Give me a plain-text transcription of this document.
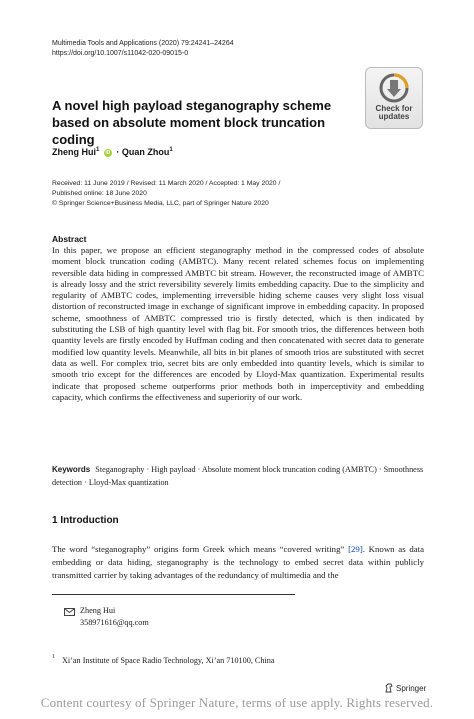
Multimedia Tools and Applications (2020) 79:24241–24264
https://doi.org/10.1007/s11042-020-09015-0
Check for
updates
A novel high payload steganography scheme based on absolute moment block truncation coding
Zheng Hui$^1$ iD · Quan Zhou$^1$
Received: 11 June 2019 / Revised: 11 March 2020 / Accepted: 1 May 2020 /
Published online: 18 June 2020
© Springer Science+Business Media, LLC, part of Springer Nature 2020
Abstract
In this paper, we propose an efficient steganography method in the compressed codes of absolute moment block truncation coding (AMBTC). Many recent related schemes focus on implementing reversible data hiding in compressed AMBTC bit stream. However, the reconstructed image of AMBTC is already lossy and the strict reversibility severely limits embedding capacity. Due to the simplicity and regularity of AMBTC codes, implementing irreversible hiding scheme causes very slight loss visual distortion of reconstructed image in exchange of significant improve in embedding capacity. In proposed scheme, smoothness of AMBTC compressed trio is firstly detected, which is then indicated by substituting the LSB of high quantity level with flag bit. For smooth trios, the differences between both quantity levels are firstly encoded by Huffman coding and then concatenated with secret data to generate modified low quantity levels. Meanwhile, all bits in bit planes of smooth trios are substituted with secret data as well. For complex trio, secret bits are only embedded into quantity levels, which is similar to smooth trio except for the differences are encoded by Lloyd-Max quantization. Experimental results indicate that proposed scheme outperforms prior methods both in imperceptivity and embedding capacity, which confirms the effectiveness and superiority of our work.
Keywords Steganography · High payload · Absolute moment block truncation coding (AMBTC) · Smoothness detection · Lloyd-Max quantization
1 Introduction
The word “steganography” origins form Greek which means “covered writing” [29]. Known as data embedding or data hiding, steganography is the technology to embed secret data within publicly transmitted carrier by taking advantages of the redundancy of multimedia and the
Zheng Hui
358971616@qq.com
1 Xi’an Institute of Space Radio Technology, Xi’an 710100, China
Springer
Content courtesy of Springer Nature, terms of use apply. Rights reserved.
